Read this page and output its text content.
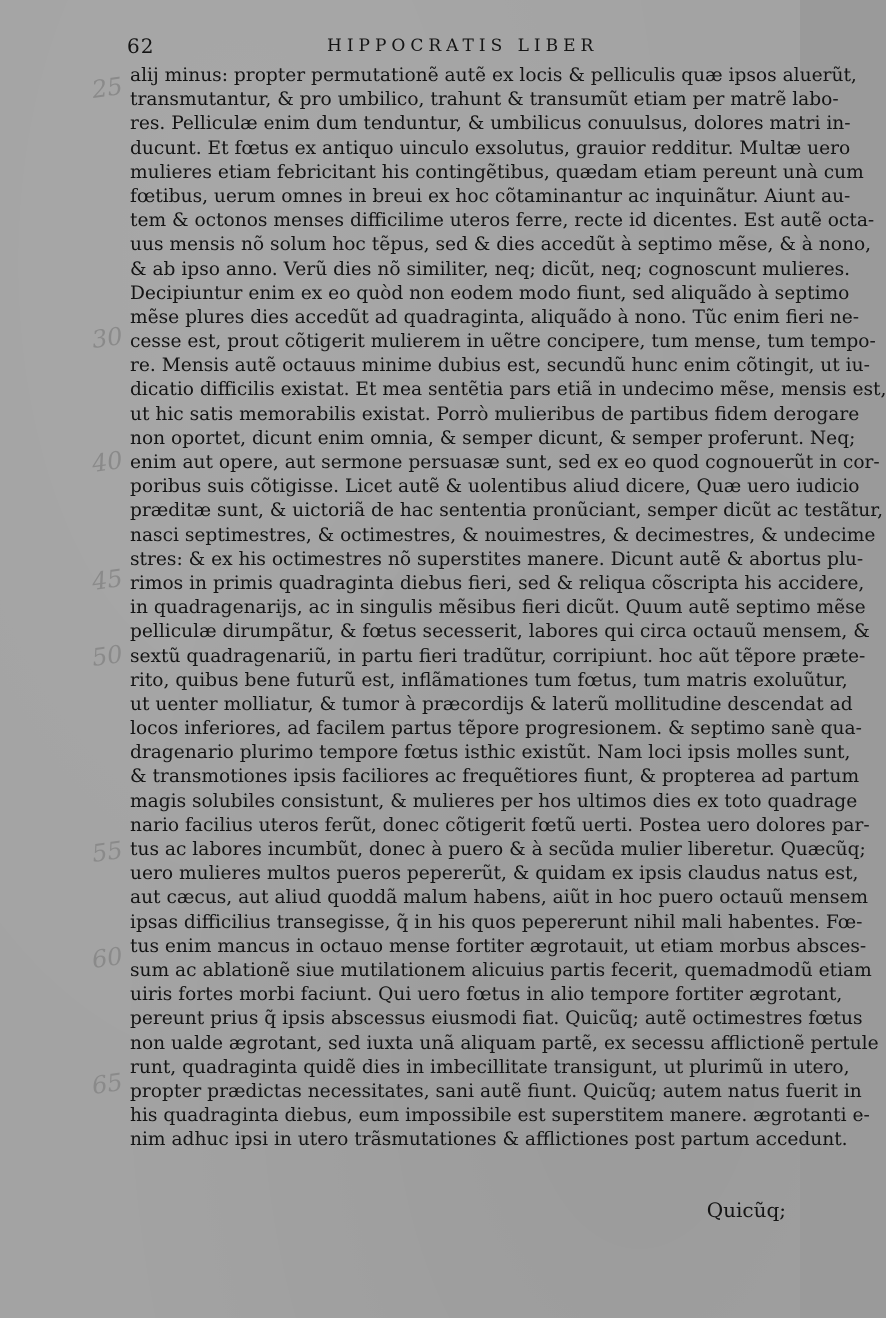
62	HIPPOCRATIS LIBER
25
30
40
45
50
55
60
65
alij minus: propter permutationẽ autẽ ex locis & pelliculis quæ ipsos aluerũt,
transmutantur, & pro umbilico, trahunt & transumũt etiam per matrẽ labo-
res. Pelliculæ enim dum tenduntur, & umbilicus conuulsus, dolores matri in-
ducunt. Et fœtus ex antiquo uinculo exsolutus, grauior redditur. Multæ uero
mulieres etiam febricitant his contingẽtibus, quædam etiam pereunt unà cum
fœtibus, uerum omnes in breui ex hoc cõtaminantur ac inquinãtur. Aiunt au-
tem & octonos menses difficilime uteros ferre, recte id dicentes. Est autẽ octa-
uus mensis nõ solum hoc tẽpus, sed & dies accedũt à septimo mẽse, & à nono,
& ab ipso anno. Verũ dies nõ similiter, neq; dicũt, neq; cognoscunt mulieres.
Decipiuntur enim ex eo quòd non eodem modo fiunt, sed aliquãdo à septimo
mẽse plures dies accedũt ad quadraginta, aliquãdo à nono. Tũc enim fieri ne-
cesse est, prout cõtigerit mulierem in uẽtre concipere, tum mense, tum tempo-
re. Mensis autẽ octauus minime dubius est, secundũ hunc enim cõtingit, ut iu-
dicatio difficilis existat. Et mea sentẽtia pars etiã in undecimo mẽse, mensis est,
ut hic satis memorabilis existat. Porrò mulieribus de partibus fidem derogare
non oportet, dicunt enim omnia, & semper dicunt, & semper proferunt. Neq;
enim aut opere, aut sermone persuasæ sunt, sed ex eo quod cognouerũt in cor-
poribus suis cõtigisse. Licet autẽ & uolentibus aliud dicere, Quæ uero iudicio
præditæ sunt, & uictoriã de hac sententia pronũciant, semper dicũt ac testãtur,
nasci septimestres, & octimestres, & nouimestres, & decimestres, & undecime
stres: & ex his octimestres nõ superstites manere. Dicunt autẽ & abortus plu-
rimos in primis quadraginta diebus fieri, sed & reliqua cõscripta his accidere,
in quadragenarijs, ac in singulis mẽsibus fieri dicũt. Quum autẽ septimo mẽse
pelliculæ dirumpãtur, & fœtus secesserit, labores qui circa octauũ mensem, &
sextũ quadragenariũ, in partu fieri tradũtur, corripiunt. hoc aũt tẽpore præte-
rito, quibus bene futurũ est, inflãmationes tum fœtus, tum matris exoluũtur,
ut uenter molliatur, & tumor à præcordijs & laterũ mollitudine descendat ad
locos inferiores, ad facilem partus tẽpore progresionem. & septimo sanè qua-
dragenario plurimo tempore fœtus isthic existũt. Nam loci ipsis molles sunt,
& transmotiones ipsis faciliores ac frequẽtiores fiunt, & propterea ad partum
magis solubiles consistunt, & mulieres per hos ultimos dies ex toto quadrage
nario facilius uteros ferũt, donec cõtigerit fœtũ uerti. Postea uero dolores par-
tus ac labores incumbũt, donec à puero & à secũda mulier liberetur. Quæcũq;
uero mulieres multos pueros pepererũt, & quidam ex ipsis claudus natus est,
aut cæcus, aut aliud quoddã malum habens, aiũt in hoc puero octauũ mensem
ipsas difficilius transegisse, q̃ in his quos pepererunt nihil mali habentes. Fœ-
tus enim mancus in octauo mense fortiter ægrotauit, ut etiam morbus absces-
sum ac ablationẽ siue mutilationem alicuius partis fecerit, quemadmodũ etiam
uiris fortes morbi faciunt. Qui uero fœtus in alio tempore fortiter ægrotant,
pereunt prius q̃ ipsis abscessus eiusmodi fiat. Quicũq; autẽ octimestres fœtus
non ualde ægrotant, sed iuxta unã aliquam partẽ, ex secessu afflictionẽ pertule
runt, quadraginta quidẽ dies in imbecillitate transigunt, ut plurimũ in utero,
propter prædictas necessitates, sani autẽ fiunt. Quicũq; autem natus fuerit in
his quadraginta diebus, eum impossibile est superstitem manere. ægrotanti e-
nim adhuc ipsi in utero trãsmutationes & afflictiones post partum accedunt.
Quicũq;
